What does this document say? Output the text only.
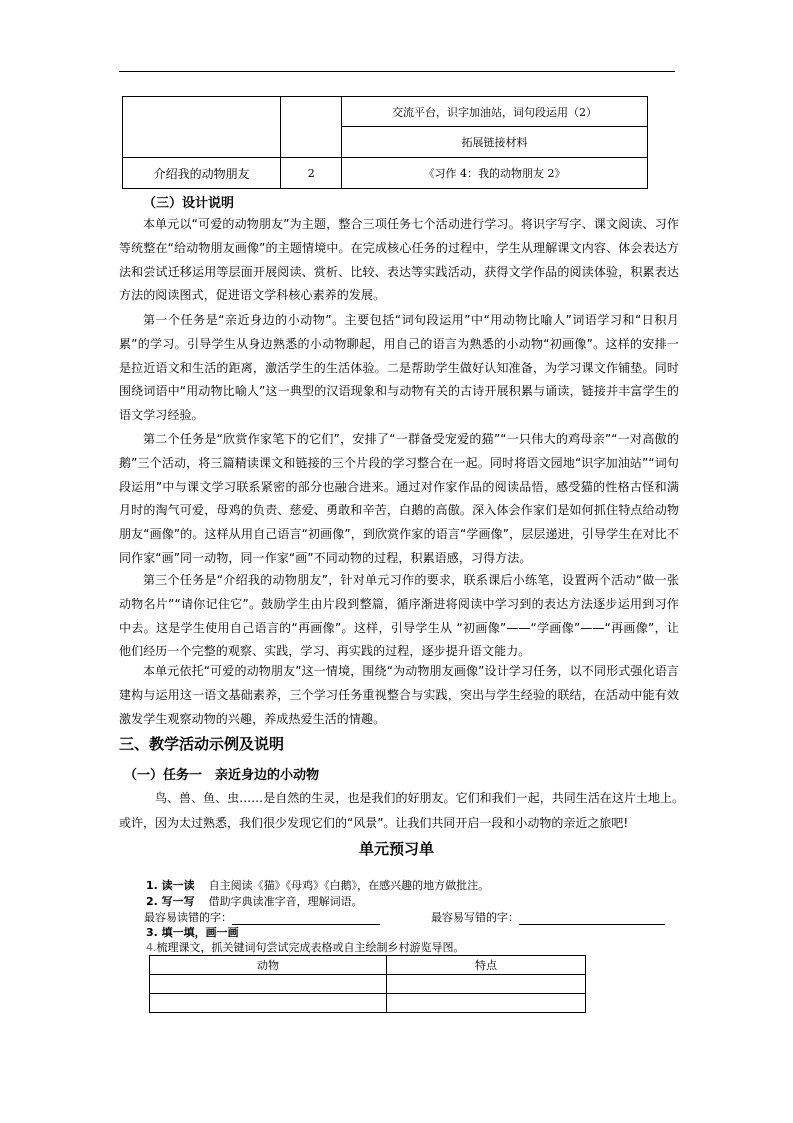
		交流平台，识字加油站，词句段运用（2）
		拓展链接材料
介绍我的动物朋友	2	《习作 4：我的动物朋友 2》
（三）设计说明

本单元以“可爱的动物朋友”为主题，整合三项任务七个活动进行学习。将识字写字、课文阅读、习作等统整在“给动物朋友画像”的主题情境中。在完成核心任务的过程中，学生从理解课文内容、体会表达方法和尝试迁移运用等层面开展阅读、赏析、比较、表达等实践活动，获得文学作品的阅读体验，积累表达方法的阅读图式，促进语文学科核心素养的发展。

第一个任务是“亲近身边的小动物”。主要包括“词句段运用”中“用动物比喻人”词语学习和“日积月累”的学习。引导学生从身边熟悉的小动物聊起，用自己的语言为熟悉的小动物“初画像”。这样的安排一是拉近语文和生活的距离，激活学生的生活体验。二是帮助学生做好认知准备，为学习课文作铺垫。同时围绕词语中“用动物比喻人”这一典型的汉语现象和与动物有关的古诗开展积累与诵读，链接并丰富学生的语文学习经验。

第二个任务是“欣赏作家笔下的它们”，安排了“一群备受宠爱的猫”“一只伟大的鸡母亲”“一对高傲的鹅”三个活动，将三篇精读课文和链接的三个片段的学习整合在一起。同时将语文园地“识字加油站”“词句段运用”中与课文学习联系紧密的部分也融合进来。通过对作家作品的阅读品悟，感受猫的性格古怪和满月时的淘气可爱，母鸡的负责、慈爱、勇敢和辛苦，白鹅的高傲。深入体会作家们是如何抓住特点给动物朋友“画像”的。这样从用自己语言“初画像”，到欣赏作家的语言“学画像”，层层递进，引导学生在对比不同作家“画”同一动物，同一作家“画”不同动物的过程，积累语感，习得方法。

第三个任务是“介绍我的动物朋友”，针对单元习作的要求，联系课后小练笔，设置两个活动“做一张动物名片”“请你记住它”。鼓励学生由片段到整篇，循序渐进将阅读中学习到的表达方法逐步运用到习作中去。这是学生使用自己语言的“再画像”。这样，引导学生从 “初画像”——“学画像”——“再画像”，让他们经历一个完整的观察、实践，学习、再实践的过程，逐步提升语文能力。

本单元依托“可爱的动物朋友”这一情境，围绕“为动物朋友画像”设计学习任务，以不同形式强化语言建构与运用这一语文基础素养，三个学习任务重视整合与实践，突出与学生经验的联结，在活动中能有效激发学生观察动物的兴趣，养成热爱生活的情趣。

三、教学活动示例及说明
（一）任务一　亲近身边的小动物

鸟、兽、鱼、虫……是自然的生灵，也是我们的好朋友。它们和我们一起，共同生活在这片土地上。或许，因为太过熟悉，我们很少发现它们的“风景”。让我们共同开启一段和小动物的亲近之旅吧!

单元预习单
1. 读一读 自主阅读《猫》《母鸡》《白鹅》，在感兴趣的地方做批注。
2. 写一写 借助字典读准字音，理解词语。
最容易读错的字：	最容易写错的字：
3. 填一填，画一画
4.梳理课文，抓关键词句尝试完成表格或自主绘制乡村游览导图。
动物	特点
